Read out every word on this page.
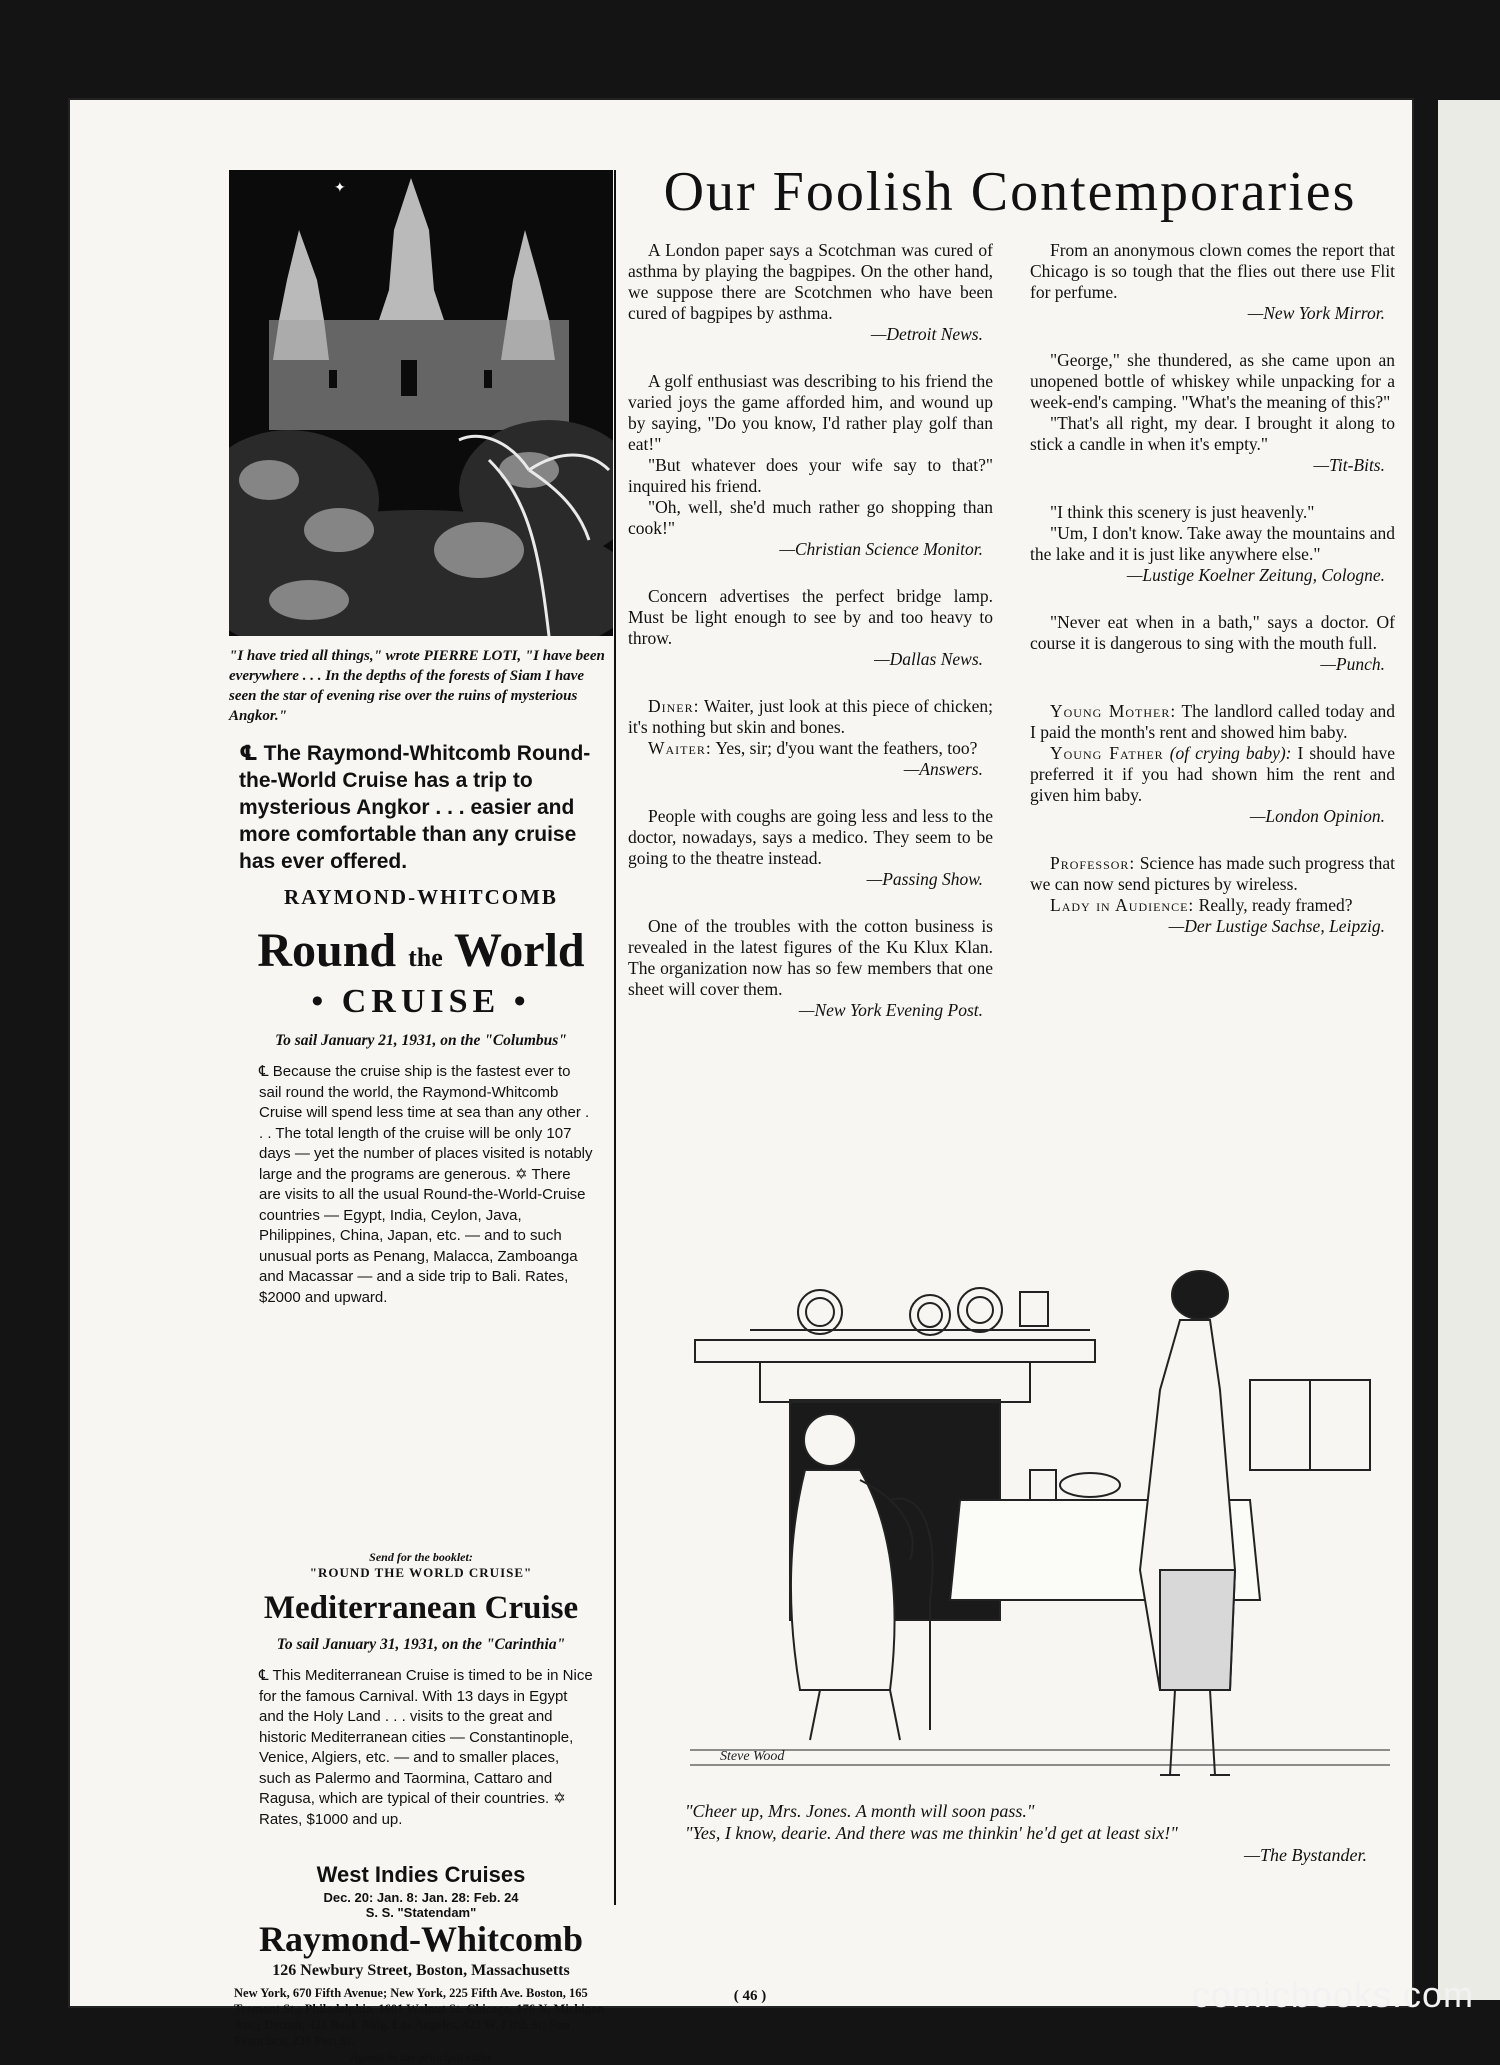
✦
"I have tried all things," wrote PIERRE LOTI, "I have been everywhere . . . In the depths of the forests of Siam I have seen the star of evening rise over the ruins of mysterious Angkor."
℄ The Raymond-Whitcomb Round-the-World Cruise has a trip to mysterious Angkor . . . easier and more comfortable than any cruise has ever offered.
RAYMOND-WHITCOMB
Round the World
• CRUISE •
To sail January 21, 1931, on the "Columbus"
℄ Because the cruise ship is the fastest ever to sail round the world, the Raymond-Whitcomb Cruise will spend less time at sea than any other . . . The total length of the cruise will be only 107 days — yet the number of places visited is notably large and the programs are generous. ✡ There are visits to all the usual Round-the-World-Cruise countries — Egypt, India, Ceylon, Java, Philippines, China, Japan, etc. — and to such unusual ports as Penang, Malacca, Zamboanga and Macassar — and a side trip to Bali. Rates, $2000 and upward.
Send for the booklet:
"ROUND THE WORLD CRUISE"
Mediterranean Cruise
To sail January 31, 1931, on the "Carinthia"
℄ This Mediterranean Cruise is timed to be in Nice for the famous Carnival. With 13 days in Egypt and the Holy Land . . . visits to the great and historic Mediterranean cities — Constantinople, Venice, Algiers, etc. — and to smaller places, such as Palermo and Taormina, Cattaro and Ragusa, which are typical of their countries. ✡ Rates, $1000 and up.
West Indies Cruises
Dec. 20: Jan. 8: Jan. 28: Feb. 24
S. S. "Statendam"
Raymond-Whitcomb
126 Newbury Street, Boston, Massachusetts
New York, 670 Fifth Avenue; New York, 225 Fifth Ave. Boston, 165 Tremont St.; Philadelphia, 1601 Walnut St. Chicago, 176 N. Michigan Ave.; Detroit, 421 Book Bldg. Los Angeles, 423 W. Fifth St; San Francisco, 230 Post St.
Agents in the principal cities
Our Foolish Contemporaries

A London paper says a Scotchman was cured of asthma by playing the bagpipes. On the other hand, we suppose there are Scotchmen who have been cured of bagpipes by asthma.

—Detroit News.

A golf enthusiast was describing to his friend the varied joys the game afforded him, and wound up by saying, "Do you know, I'd rather play golf than eat!"

"But whatever does your wife say to that?" inquired his friend.

"Oh, well, she'd much rather go shopping than cook!"

—Christian Science Monitor.

Concern advertises the perfect bridge lamp. Must be light enough to see by and too heavy to throw.

—Dallas News.

Diner: Waiter, just look at this piece of chicken; it's nothing but skin and bones.

Waiter: Yes, sir; d'you want the feathers, too?

—Answers.

People with coughs are going less and less to the doctor, nowadays, says a medico. They seem to be going to the theatre instead.

—Passing Show.

One of the troubles with the cotton business is revealed in the latest figures of the Ku Klux Klan. The organization now has so few members that one sheet will cover them.

—New York Evening Post.

From an anonymous clown comes the report that Chicago is so tough that the flies out there use Flit for perfume.

—New York Mirror.

"George," she thundered, as she came upon an unopened bottle of whiskey while unpacking for a week-end's camping. "What's the meaning of this?"

"That's all right, my dear. I brought it along to stick a candle in when it's empty."

—Tit-Bits.

"I think this scenery is just heavenly."

"Um, I don't know. Take away the mountains and the lake and it is just like anywhere else."

—Lustige Koelner Zeitung, Cologne.

"Never eat when in a bath," says a doctor. Of course it is dangerous to sing with the mouth full.

—Punch.

Young Mother: The landlord called today and I paid the month's rent and showed him baby.

Young Father (of crying baby): I should have preferred it if you had shown him the rent and given him baby.

—London Opinion.

Professor: Science has made such progress that we can now send pictures by wireless.

Lady in Audience: Really, ready framed?

—Der Lustige Sachse, Leipzig.
Steve Wood
"Cheer up, Mrs. Jones. A month will soon pass."
"Yes, I know, dearie. And there was me thinkin' he'd get at least six!"
—The Bystander.
( 46 )	comicbooks.com
